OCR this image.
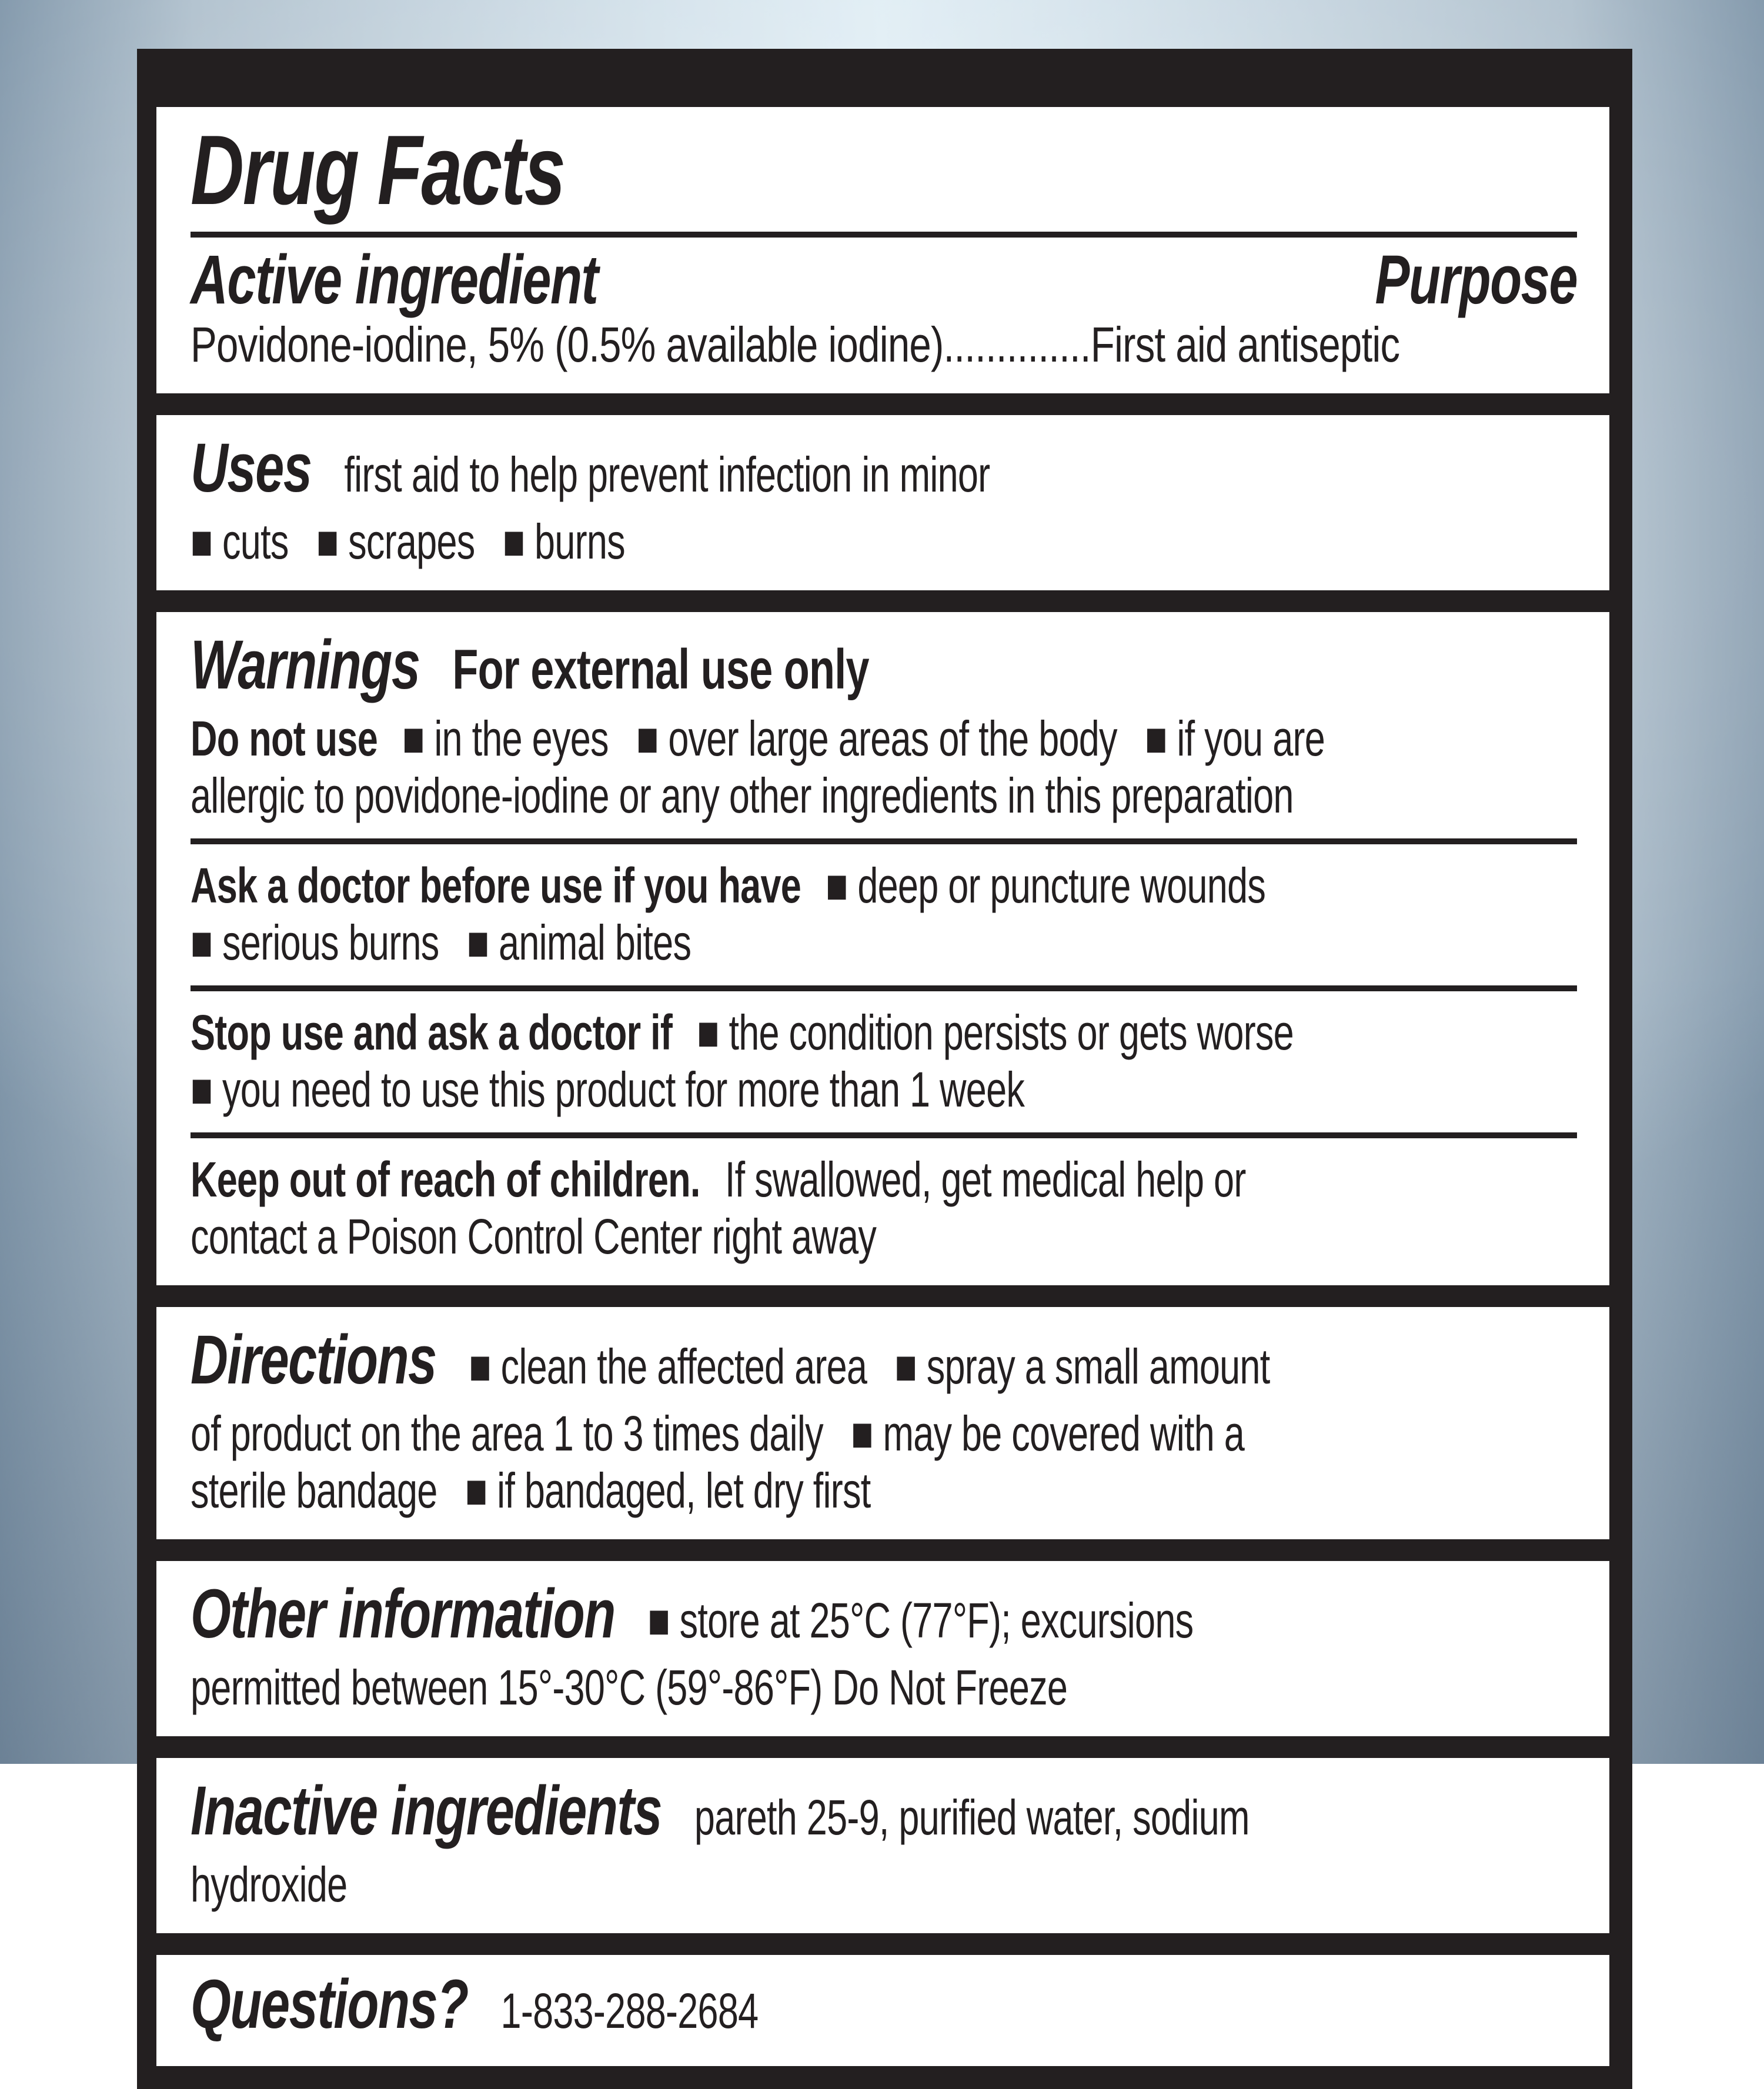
Drug Facts
Active ingredient	Purpose
Povidone-iodine, 5% (0.5% available iodine)..............First aid antiseptic
Uses first aid to help prevent infection in minor
■ cuts  ■ scrapes  ■ burns
Warnings For external use only
Do not use ■ in the eyes  ■ over large areas of the body  ■ if you are
allergic to povidone-iodine or any other ingredients in this preparation
Ask a doctor before use if you have ■ deep or puncture wounds
■ serious burns  ■ animal bites
Stop use and ask a doctor if ■ the condition persists or gets worse
■ you need to use this product for more than 1 week
Keep out of reach of children. If swallowed, get medical help or
contact a Poison Control Center right away
Directions ■ clean the affected area  ■ spray a small amount
of product on the area 1 to 3 times daily  ■ may be covered with a
sterile bandage  ■ if bandaged, let dry first
Other information ■ store at 25°C (77°F); excursions
permitted between 15°-30°C (59°-86°F) Do Not Freeze
Inactive ingredients pareth 25-9, purified water, sodium
hydroxide
Questions? 1-833-288-2684
